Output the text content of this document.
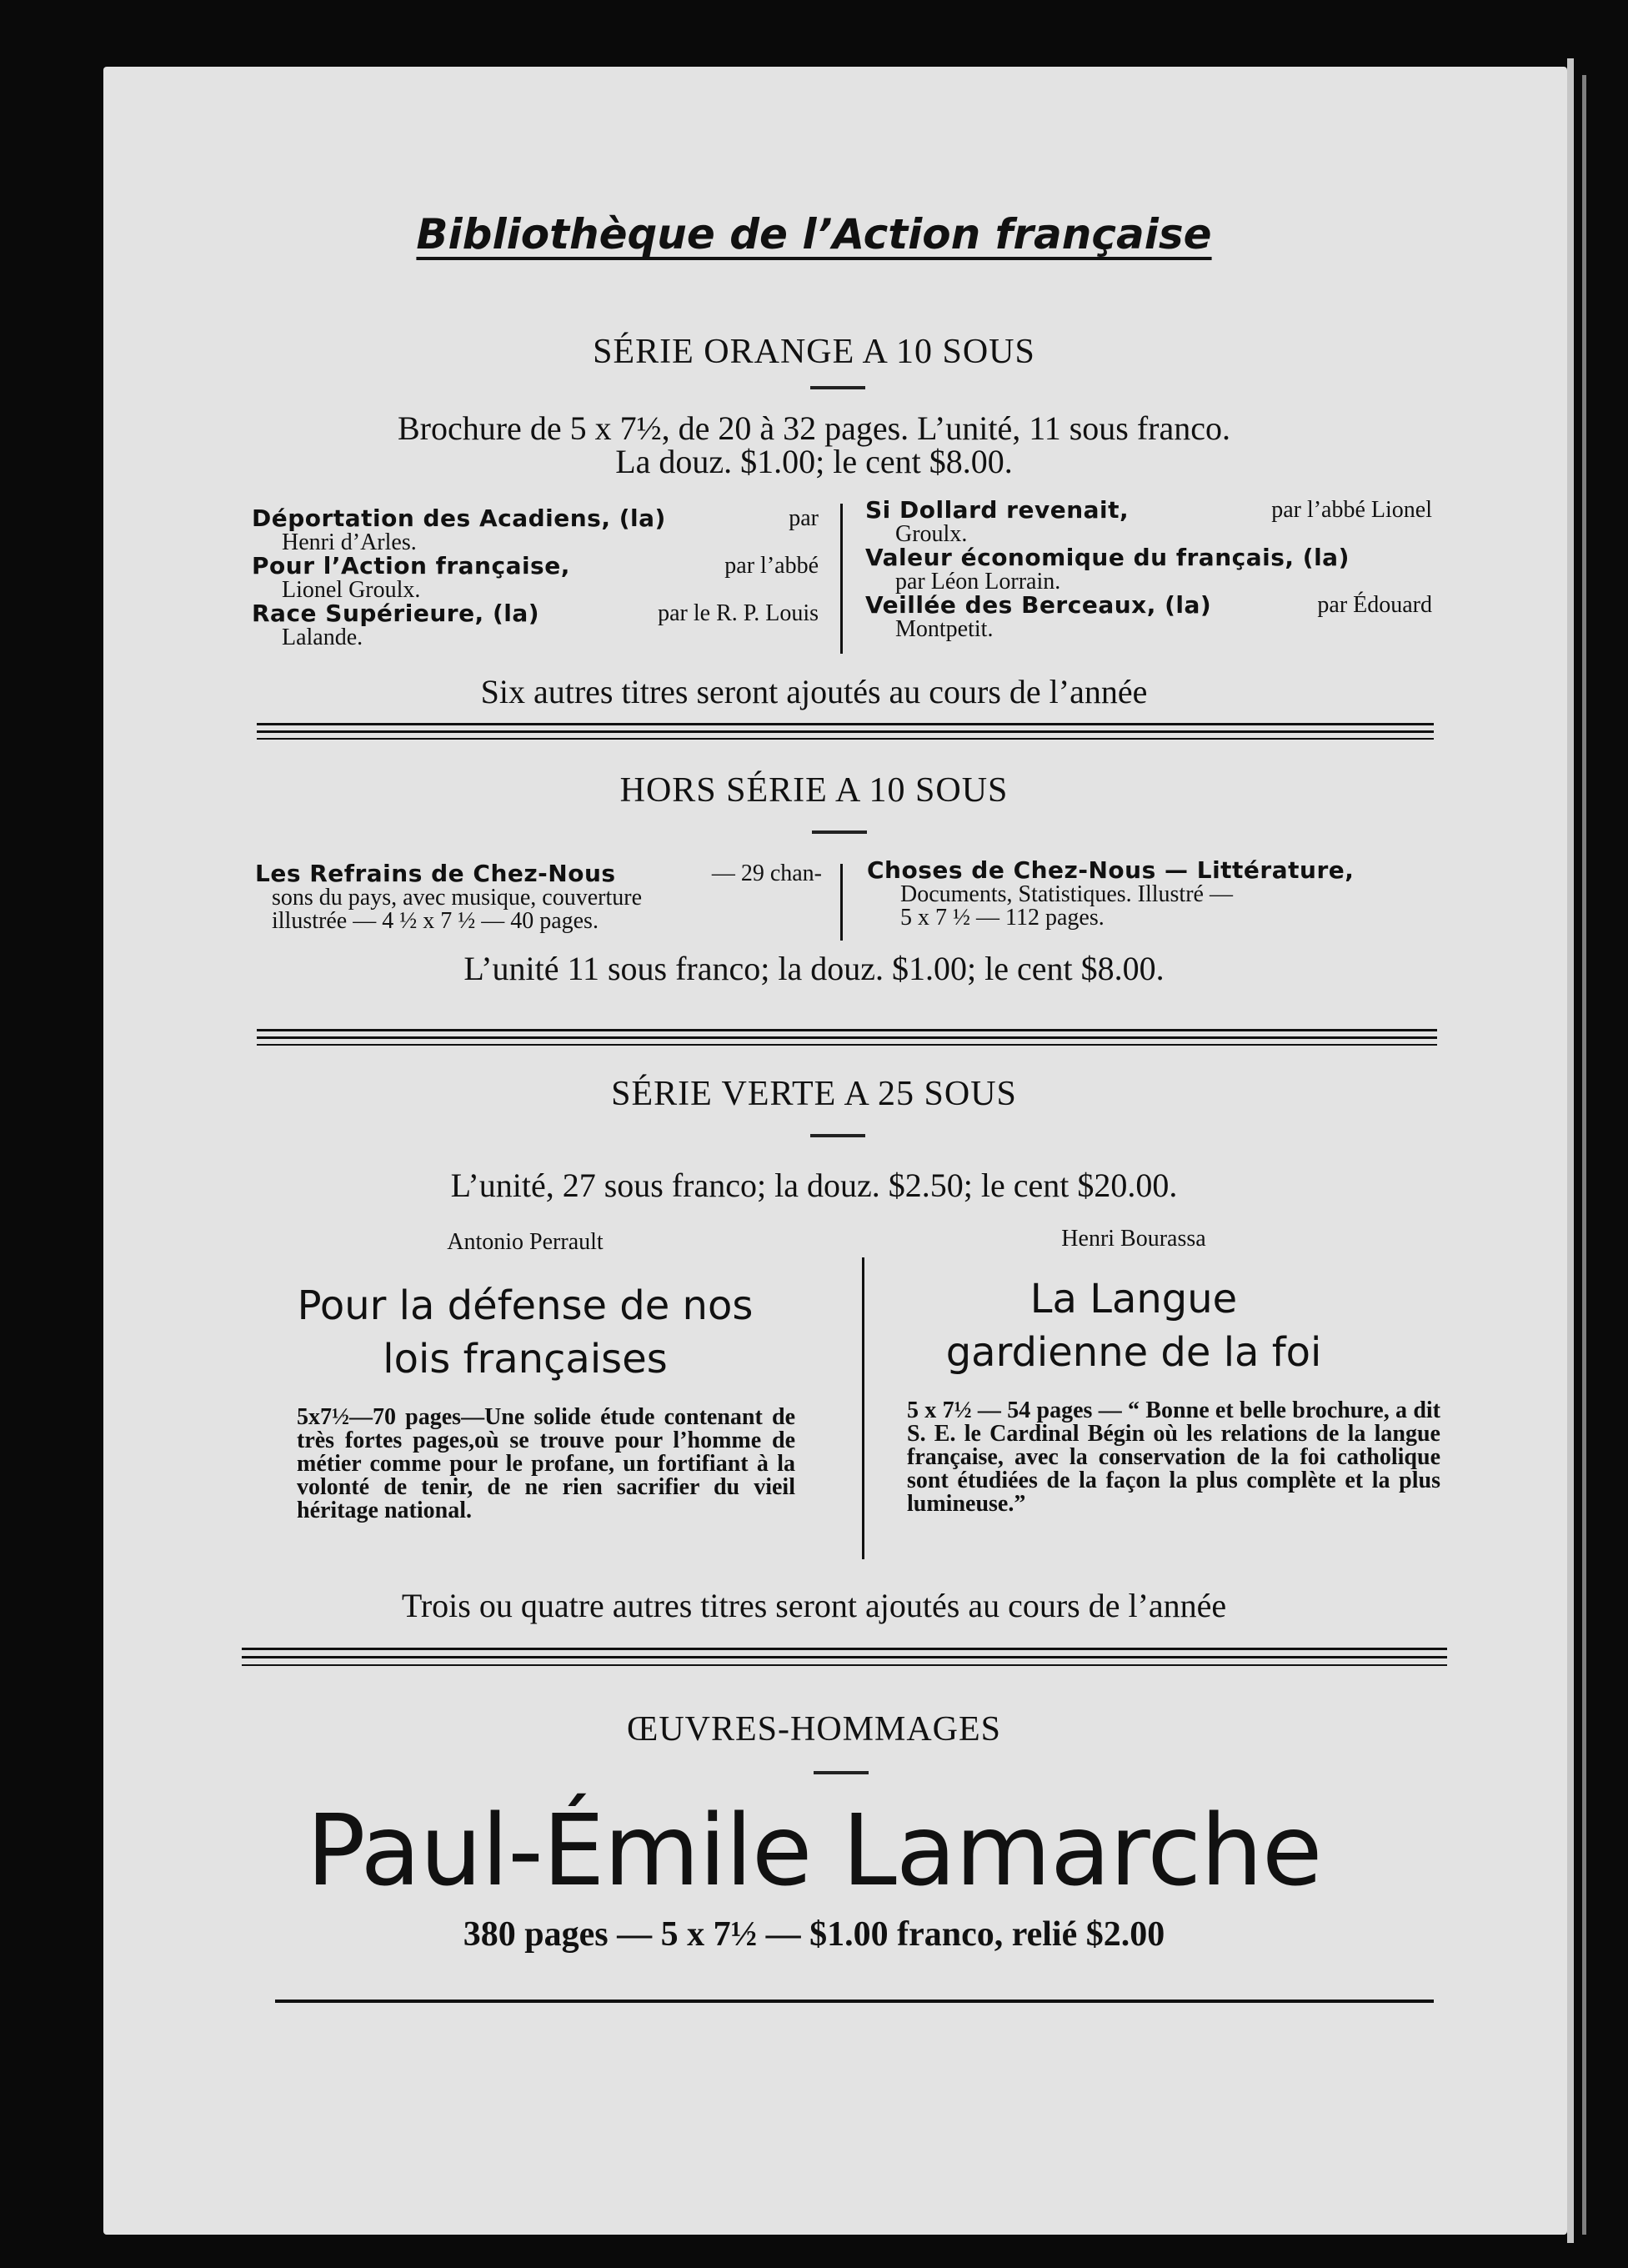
Bibliothèque de l’Action française
SÉRIE ORANGE A 10 SOUS
Brochure de 5 x 7½, de 20 à 32 pages. L’unité, 11 sous franco.
La douz. $1.00; le cent $8.00.
Déportation des Acadiens, (la)	par
Henri d’Arles.
Pour l’Action française,	par l’abbé
Lionel Groulx.
Race Supérieure, (la)	par le R. P. Louis
Lalande.
Si Dollard revenait,	par l’abbé Lionel
Groulx.
Valeur économique du français, (la)
par Léon Lorrain.
Veillée des Berceaux, (la)	par Édouard
Montpetit.
Six autres titres seront ajoutés au cours de l’année
HORS SÉRIE A 10 SOUS
Les Refrains de Chez-Nous	— 29 chan-
sons du pays, avec musique, couverture
illustrée — 4 ½ x 7 ½ — 40 pages.
Choses de Chez-Nous — Littérature,
Documents, Statistiques. Illustré —
5 x 7 ½ — 112 pages.
L’unité 11 sous franco; la douz. $1.00; le cent $8.00.
SÉRIE VERTE A 25 SOUS
L’unité, 27 sous franco; la douz. $2.50; le cent $20.00.
Antonio Perrault
Pour la défense de nos
lois françaises
5x7½—70 pages—Une solide étude contenant de très fortes pages,où se trouve pour l’homme de métier comme pour le profane, un fortifiant à la volonté de tenir, de ne rien sacrifier du vieil héritage national.
Henri Bourassa
La Langue
gardienne de la foi
5 x 7½ — 54 pages — “ Bonne et belle brochure, a dit S. E. le Cardinal Bégin où les relations de la langue française, avec la conservation de la foi catholique sont étudiées de la façon la plus complète et la plus lumineuse.”
Trois ou quatre autres titres seront ajoutés au cours de l’année
ŒUVRES-HOMMAGES
Paul-Émile Lamarche
380 pages — 5 x 7½ — $1.00 franco, relié $2.00
